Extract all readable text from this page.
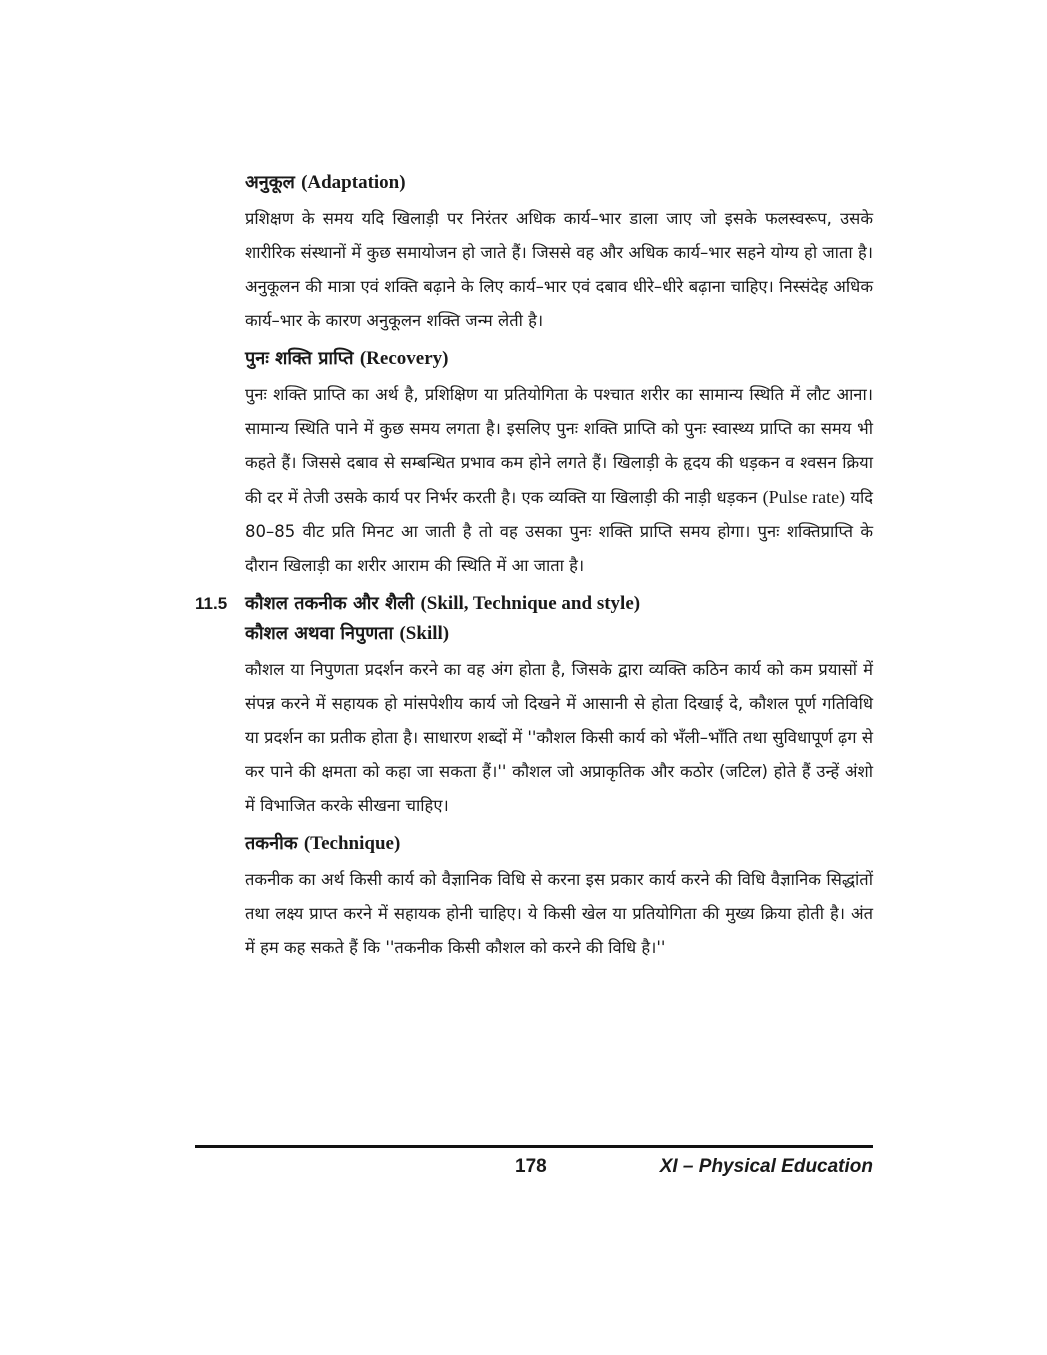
अनुकूल (Adaptation)

प्रशिक्षण के समय यदि खिलाड़ी पर निरंतर अधिक कार्य–भार डाला जाए जो इसके फलस्वरूप, उसके शारीरिक संस्थानों में कुछ समायोजन हो जाते हैं। जिससे वह और अधिक कार्य–भार सहने योग्य हो जाता है। अनुकूलन की मात्रा एवं शक्ति बढ़ाने के लिए कार्य–भार एवं दबाव धीरे–धीरे बढ़ाना चाहिए। निस्संदेह अधिक कार्य–भार के कारण अनुकूलन शक्ति जन्म लेती है।

पुनः शक्ति प्राप्ति (Recovery)

पुनः शक्ति प्राप्ति का अर्थ है, प्रशिक्षिण या प्रतियोगिता के पश्चात शरीर का सामान्य स्थिति में लौट आना। सामान्य स्थिति पाने में कुछ समय लगता है। इसलिए पुनः शक्ति प्राप्ति को पुनः स्वास्थ्य प्राप्ति का समय भी कहते हैं। जिससे दबाव से सम्बन्धित प्रभाव कम होने लगते हैं। खिलाड़ी के हृदय की धड़कन व श्वसन क्रिया की दर में तेजी उसके कार्य पर निर्भर करती है। एक व्यक्ति या खिलाड़ी की नाड़ी धड़कन (Pulse rate) यदि 80–85 वीट प्रति मिनट आ जाती है तो वह उसका पुनः शक्ति प्राप्ति समय होगा। पुनः शक्तिप्राप्ति के दौरान खिलाड़ी का शरीर आराम की स्थिति में आ जाता है।

11.5 कौशल तकनीक और शैली (Skill, Technique and style)

कौशल अथवा निपुणता (Skill)

कौशल या निपुणता प्रदर्शन करने का वह अंग होता है, जिसके द्वारा व्यक्ति कठिन कार्य को कम प्रयासों में संपन्न करने में सहायक हो मांसपेशीय कार्य जो दिखने में आसानी से होता दिखाई दे, कौशल पूर्ण गतिविधि या प्रदर्शन का प्रतीक होता है। साधारण शब्दों में ''कौशल किसी कार्य को भँली–भाँति तथा सुविधापूर्ण ढ़ग से कर पाने की क्षमता को कहा जा सकता हैं।'' कौशल जो अप्राकृतिक और कठोर (जटिल) होते हैं उन्हें अंशो में विभाजित करके सीखना चाहिए।

तकनीक (Technique)

तकनीक का अर्थ किसी कार्य को वैज्ञानिक विधि से करना इस प्रकार कार्य करने की विधि वैज्ञानिक सिद्धांतों तथा लक्ष्य प्राप्त करने में सहायक होनी चाहिए। ये किसी खेल या प्रतियोगिता की मुख्य क्रिया होती है। अंत में हम कह सकते हैं कि ''तकनीक किसी कौशल को करने की विधि है।''

178	XI – Physical Education
